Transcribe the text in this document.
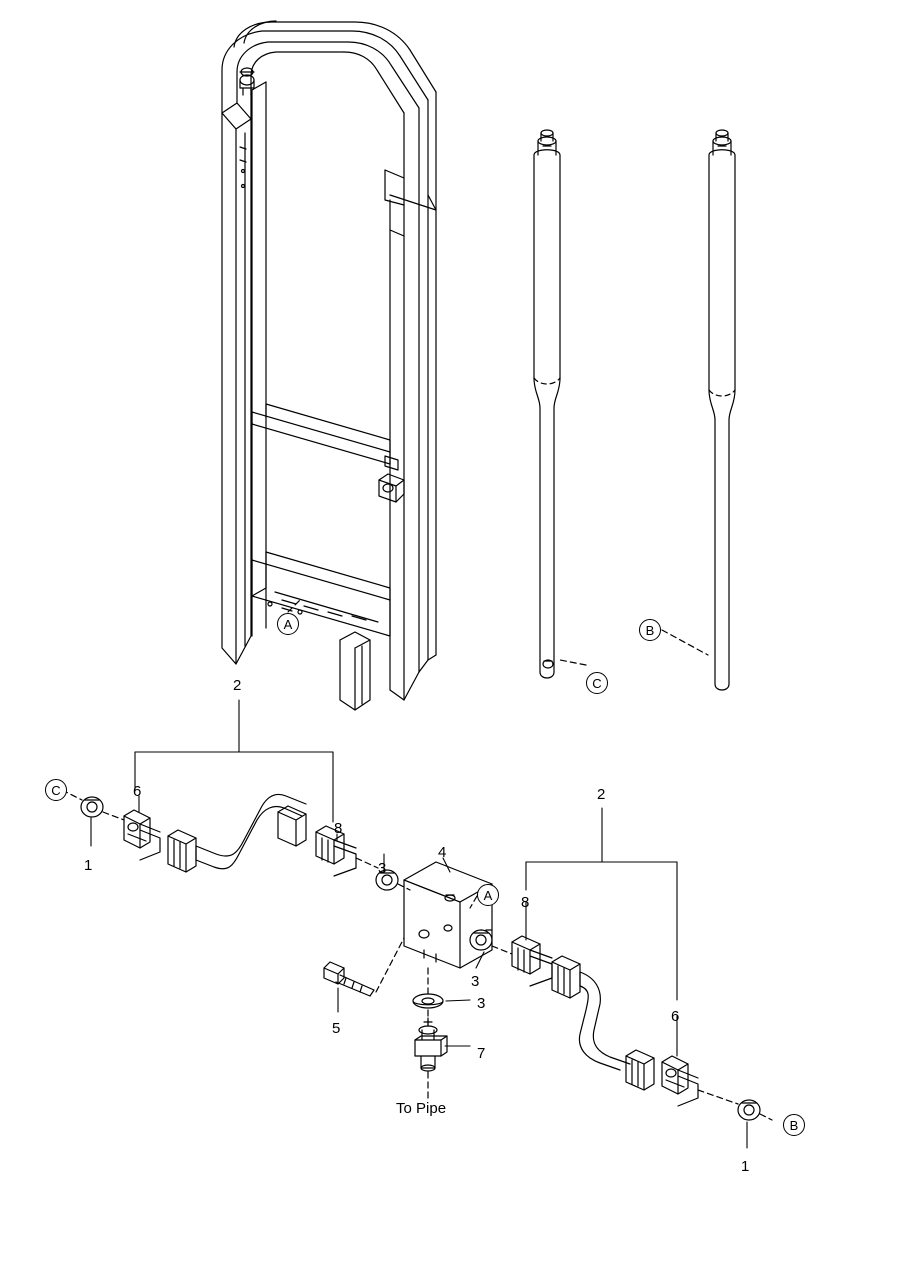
A	B
C
C
A
B
2
6
8
3
4
1
2
8
3
5
3
6
7
1
To Pipe
